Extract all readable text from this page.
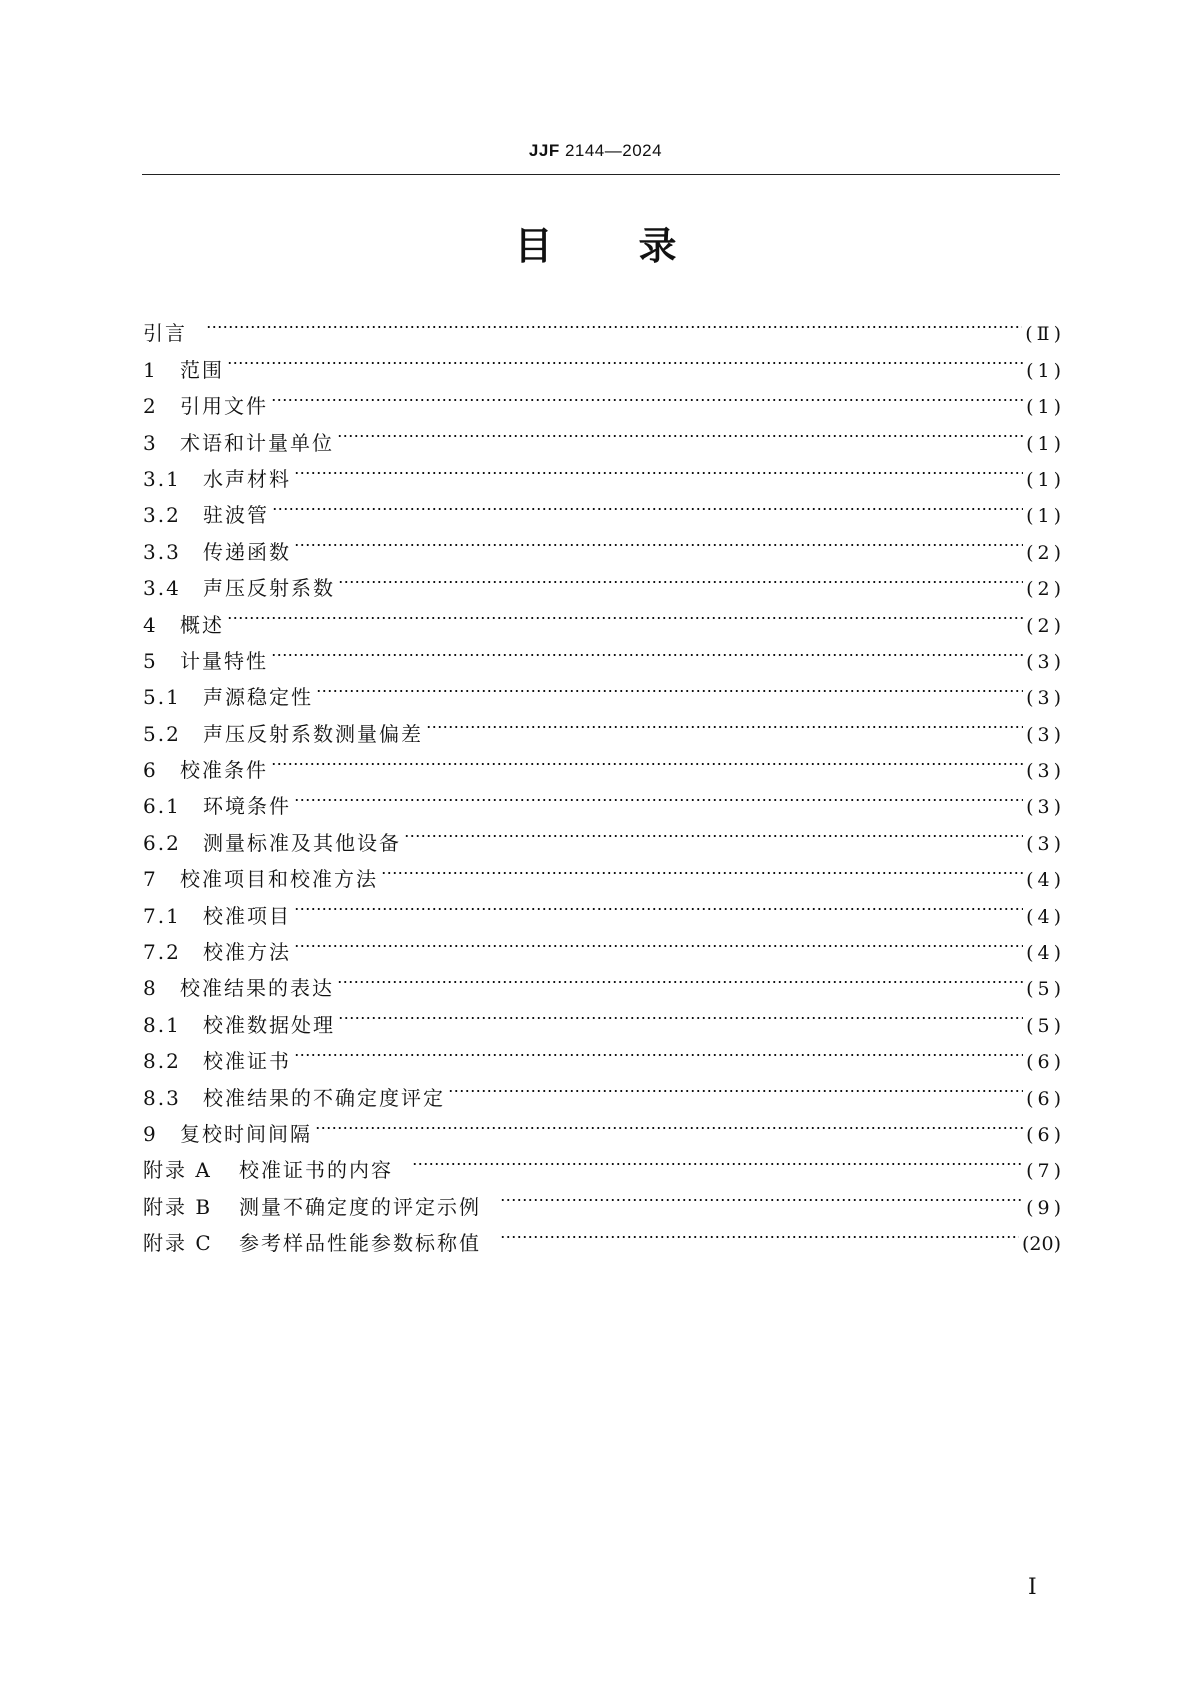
JJF 2144—2024
目 录
引言	( Ⅱ )
1	范围	( 1 )
2	引用文件	( 1 )
3	术语和计量单位	( 1 )
3.1	水声材料	( 1 )
3.2	驻波管	( 1 )
3.3	传递函数	( 2 )
3.4	声压反射系数	( 2 )
4	概述	( 2 )
5	计量特性	( 3 )
5.1	声源稳定性	( 3 )
5.2	声压反射系数测量偏差	( 3 )
6	校准条件	( 3 )
6.1	环境条件	( 3 )
6.2	测量标准及其他设备	( 3 )
7	校准项目和校准方法	( 4 )
7.1	校准项目	( 4 )
7.2	校准方法	( 4 )
8	校准结果的表达	( 5 )
8.1	校准数据处理	( 5 )
8.2	校准证书	( 6 )
8.3	校准结果的不确定度评定	( 6 )
9	复校时间间隔	( 6 )
附录 A	校准证书的内容	( 7 )
附录 B	测量不确定度的评定示例	( 9 )
附录 C	参考样品性能参数标称值	(20)
I
